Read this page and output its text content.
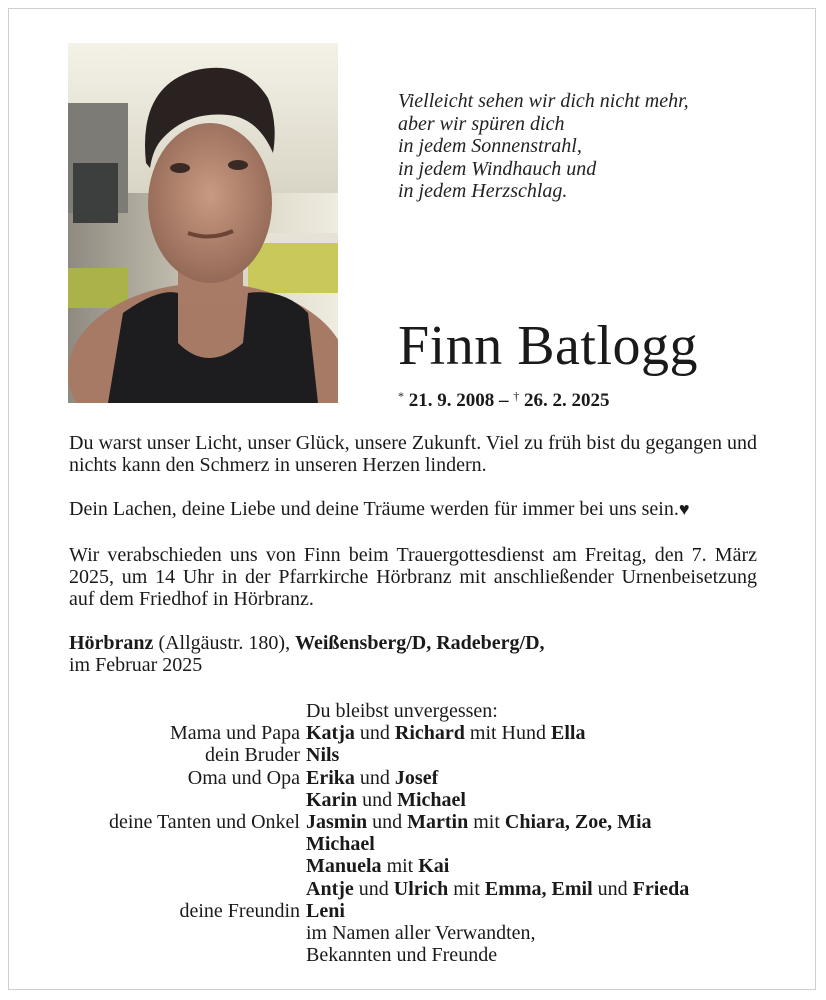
Vielleicht sehen wir dich nicht mehr,
aber wir spüren dich
in jedem Sonnenstrahl,
in jedem Windhauch und
in jedem Herzschlag.
Finn Batlogg
* 21. 9. 2008 – † 26. 2. 2025
Du warst unser Licht, unser Glück, unsere Zukunft. Viel zu früh bist du gegangen und nichts kann den Schmerz in unseren Herzen lindern.
Dein Lachen, deine Liebe und deine Träume werden für immer bei uns sein.♥
Wir verabschieden uns von Finn beim Trauergottesdienst am Freitag, den 7. März 2025, um 14 Uhr in der Pfarrkirche Hörbranz mit anschließender Urnenbeisetzung auf dem Friedhof in Hörbranz.
Hörbranz (Allgäustr. 180), Weißensberg/D, Radeberg/D,
im Februar 2025
Du bleibst unvergessen:
Mama und Papa Katja und Richard mit Hund Ella
dein Bruder Nils
Oma und Opa Erika und Josef
Karin und Michael
deine Tanten und Onkel Jasmin und Martin mit Chiara, Zoe, Mia
Michael
Manuela mit Kai
Antje und Ulrich mit Emma, Emil und Frieda
deine Freundin Leni
im Namen aller Verwandten,
Bekannten und Freunde
